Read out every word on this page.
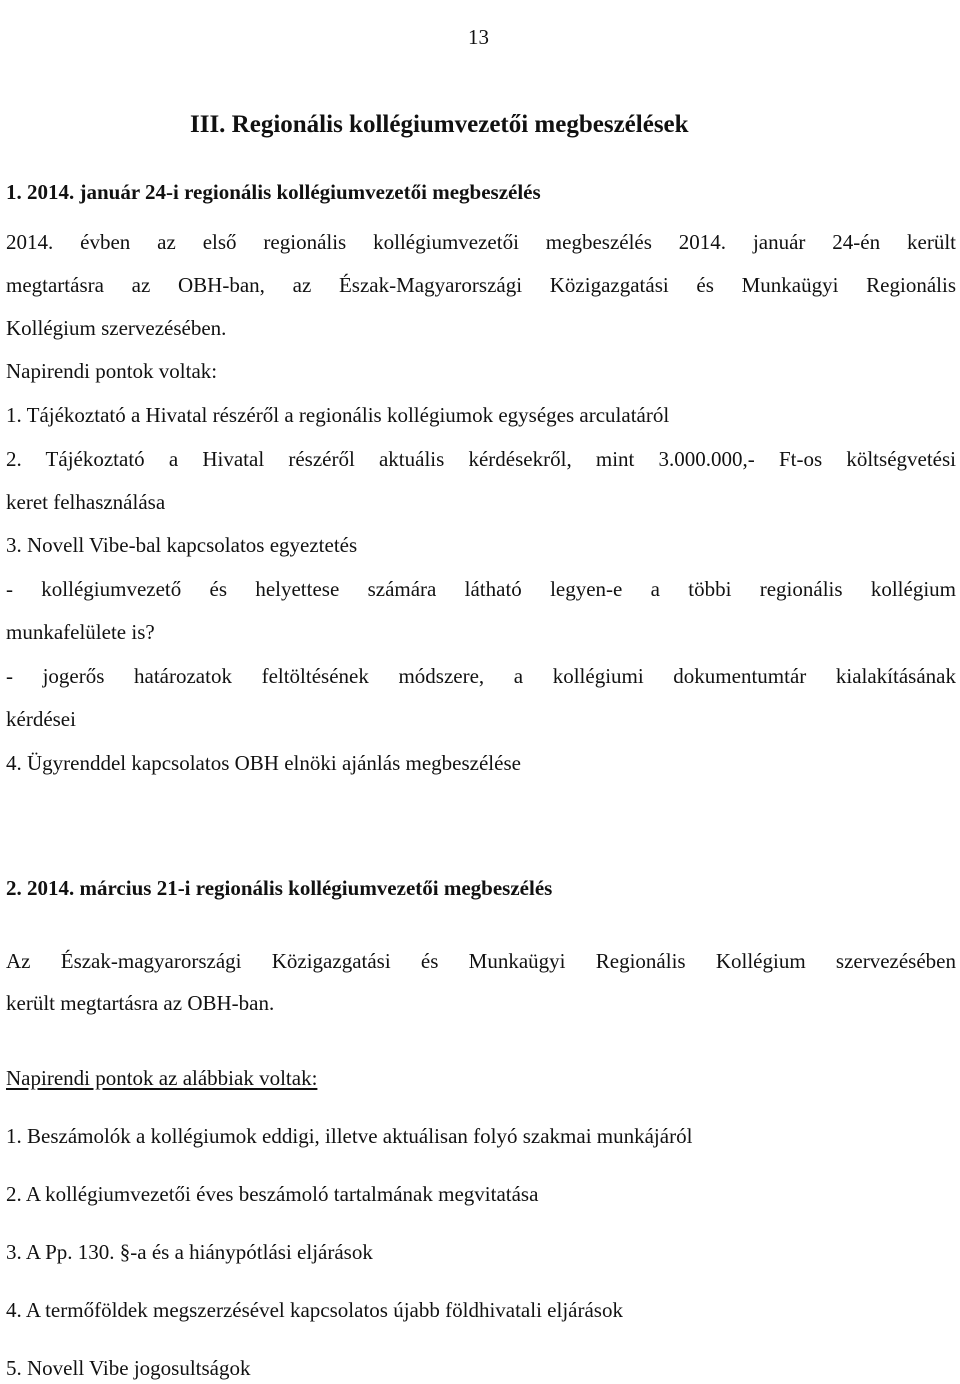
13

III. Regionális kollégiumvezetői megbeszélések

1. 2014. január 24-i regionális kollégiumvezetői megbeszélés

2014. évben az első regionális kollégiumvezetői megbeszélés 2014. január 24-én került

megtartásra az OBH-ban, az Észak-Magyarországi Közigazgatási és Munkaügyi Regionális

Kollégium szervezésében.

Napirendi pontok voltak:

1. Tájékoztató a Hivatal részéről a regionális kollégiumok egységes arculatáról

2. Tájékoztató a Hivatal részéről aktuális kérdésekről, mint 3.000.000,- Ft-os költségvetési

keret felhasználása

3. Novell Vibe-bal kapcsolatos egyeztetés

- kollégiumvezető és helyettese számára látható legyen-e a többi regionális kollégium

munkafelülete is?

- jogerős határozatok feltöltésének módszere, a kollégiumi dokumentumtár kialakításának

kérdései

4. Ügyrenddel kapcsolatos OBH elnöki ajánlás megbeszélése

2. 2014. március 21-i regionális kollégiumvezetői megbeszélés

Az Észak-magyarországi Közigazgatási és Munkaügyi Regionális Kollégium szervezésében

került megtartásra az OBH-ban.

Napirendi pontok az alábbiak voltak:

1. Beszámolók a kollégiumok eddigi, illetve aktuálisan folyó szakmai munkájáról

2. A kollégiumvezetői éves beszámoló tartalmának megvitatása

3. A Pp. 130. §-a és a hiánypótlási eljárások

4. A termőföldek megszerzésével kapcsolatos újabb földhivatali eljárások

5. Novell Vibe jogosultságok
